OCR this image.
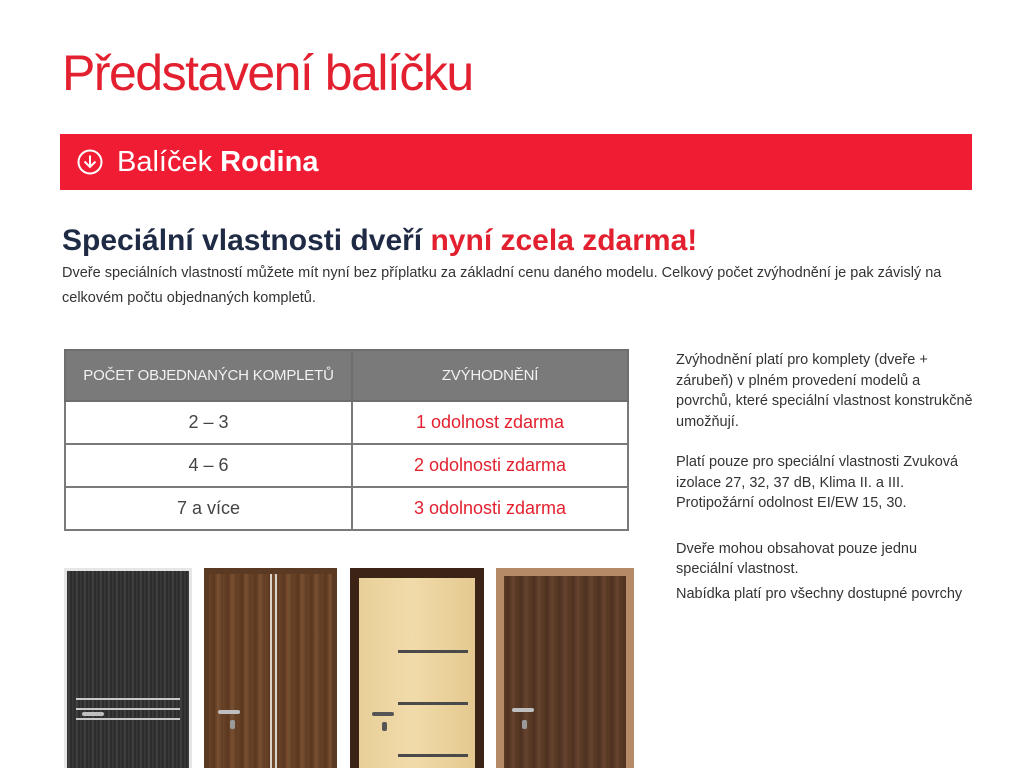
Představení balíčku
Balíček Rodina
Speciální vlastnosti dveří nyní zcela zdarma!
Dveře speciálních vlastností můžete mít nyní bez příplatku za základní cenu daného modelu. Celkový počet zvýhodnění je pak závislý na celkovém počtu objednaných kompletů.
POČET OBJEDNANÝCH KOMPLETŮ	ZVÝHODNĚNÍ
2 – 3	1 odolnost zdarma
4 – 6	2 odolnosti zdarma
7 a více	3 odolnosti zdarma

Zvýhodnění platí pro komplety (dveře + zárubeň) v plném provedení modelů a povrchů, které speciální vlastnost konstrukčně umožňují.

Platí pouze pro speciální vlastnosti Zvuková izolace 27, 32, 37 dB, Klima II. a III. Protipožární odolnost EI/EW 15, 30.

Dveře mohou obsahovat pouze jednu speciální vlastnost.

Nabídka platí pro všechny dostupné povrchy
